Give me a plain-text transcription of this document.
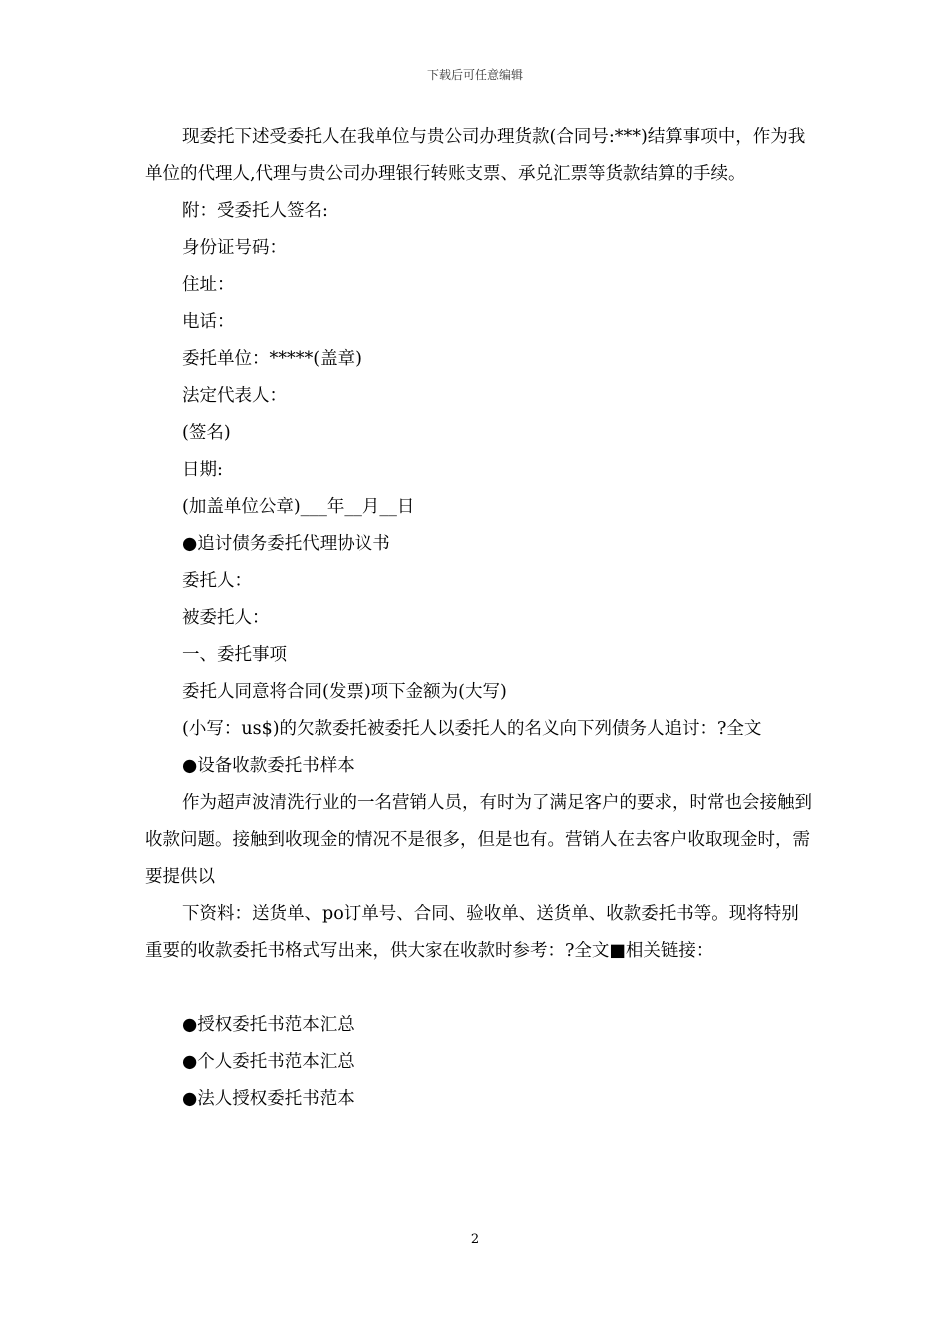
下载后可任意编辑

现委托下述受委托人在我单位与贵公司办理货款(合同号:***)结算事项中，作为我单位的代理人,代理与贵公司办理银行转账支票、承兑汇票等货款结算的手续。

附：受委托人签名:

身份证号码：

住址：

电话：

委托单位：*****(盖章)

法定代表人：

(签名)

日期:

(加盖单位公章)___年__月__日

●追讨债务委托代理协议书

委托人：

被委托人：

一、委托事项

委托人同意将合同(发票)项下金额为(大写)

(小写：us$)的欠款委托被委托人以委托人的名义向下列债务人追讨：?全文

●设备收款委托书样本

作为超声波清洗行业的一名营销人员，有时为了满足客户的要求，时常也会接触到收款问题。接触到收现金的情况不是很多，但是也有。营销人在去客户收取现金时，需要提供以

下资料：送货单、po订单号、合同、验收单、送货单、收款委托书等。现将特别重要的收款委托书格式写出来，供大家在收款时参考：?全文■相关链接：

●授权委托书范本汇总

●个人委托书范本汇总

●法人授权委托书范本

2
